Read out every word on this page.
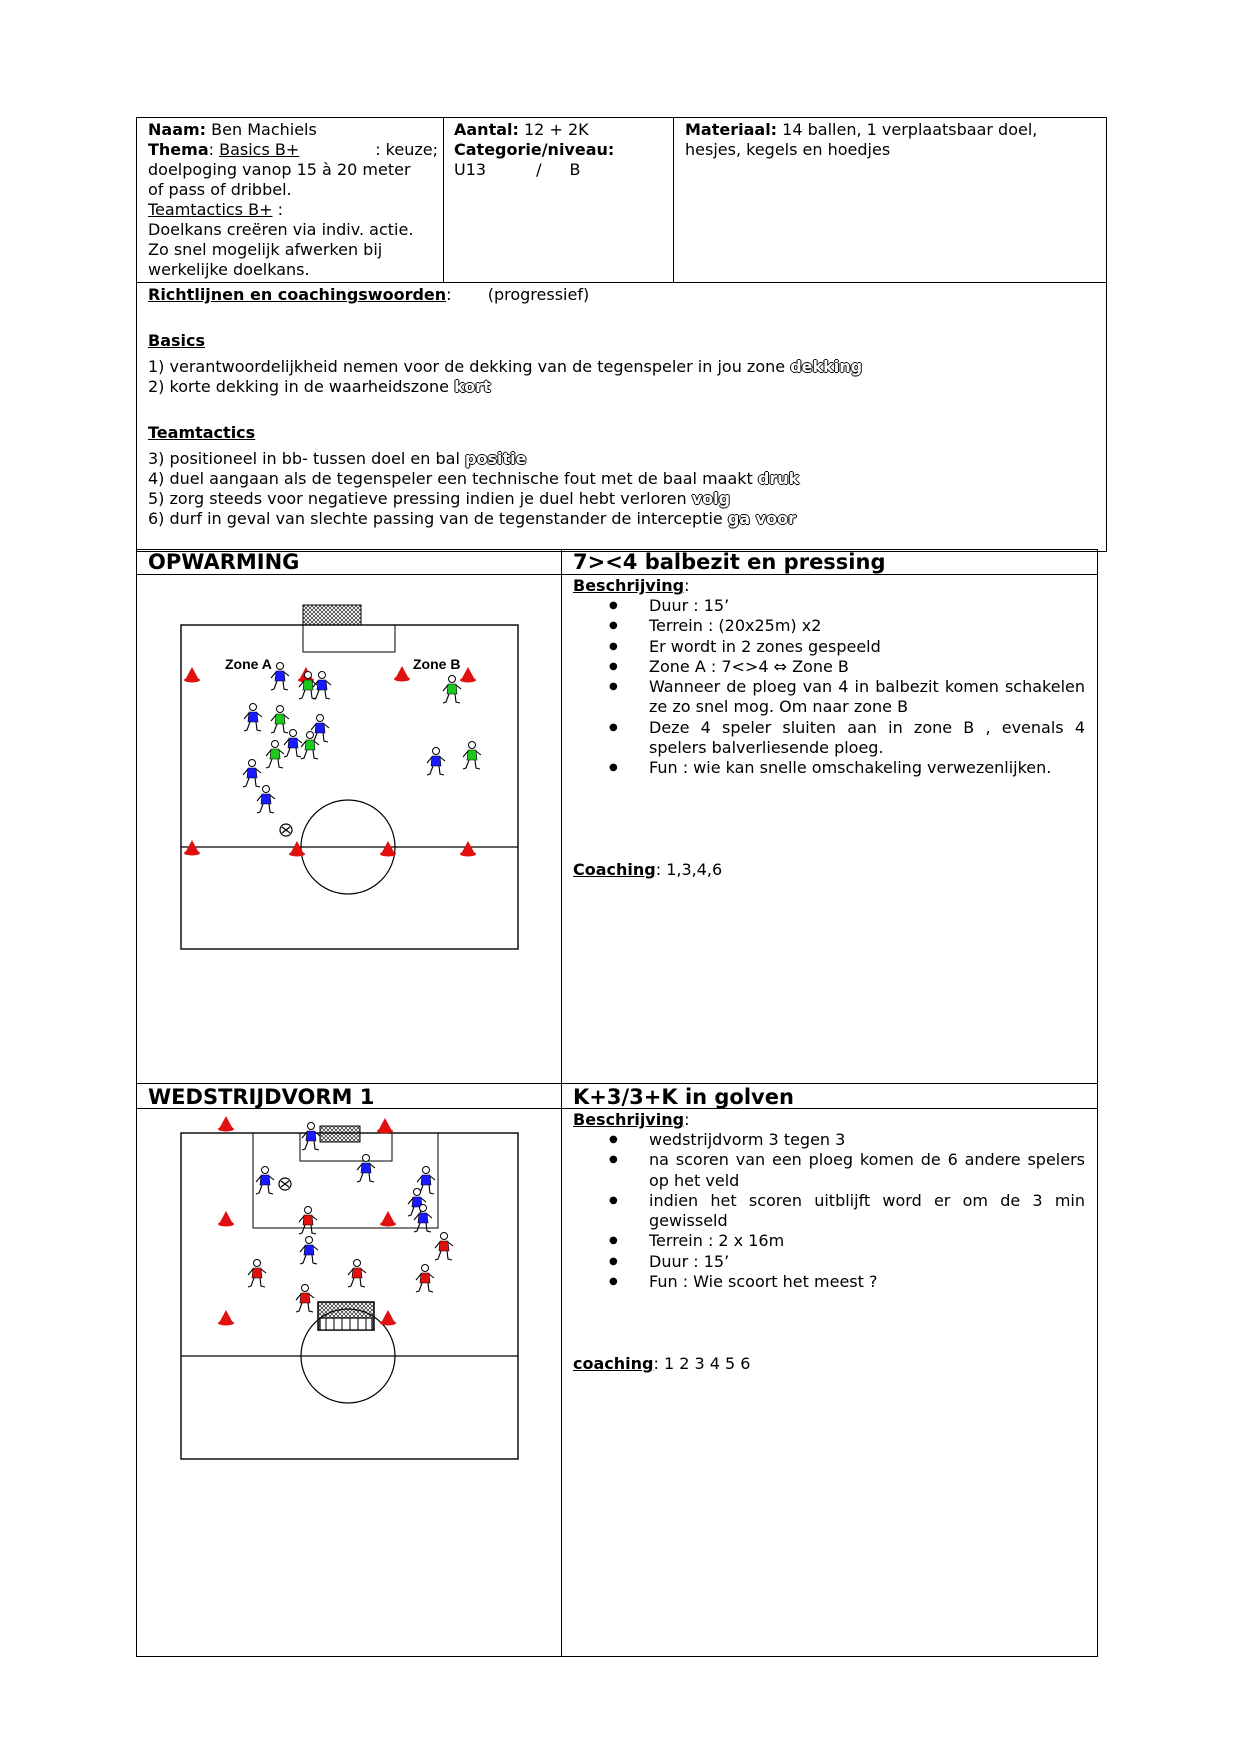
Naam: Ben Machiels
Thema: Basics B+	: keuze;
doelpoging vanop 15 à 20 meter
of pass of dribbel.
Teamtactics B+ :
Doelkans creëren via indiv. actie.
Zo snel mogelijk afwerken bij
werkelijke doelkans.
Aantal: 12 + 2K
Categorie/niveau:
U13	/ B
Materiaal: 14 ballen, 1 verplaatsbaar doel,
hesjes, kegels en hoedjes
Richtlijnen en coachingswoorden: (progressief)
Basics
1) verantwoordelijkheid nemen voor de dekking van de tegenspeler in jou zone dekking
2) korte dekking in de waarheidszone kort
Teamtactics
3) positioneel in bb- tussen doel en bal positie
4) duel aangaan als de tegenspeler een technische fout met de baal maakt druk
5) zorg steeds voor negatieve pressing indien je duel hebt verloren volg
6) durf in geval van slechte passing van de tegenstander de interceptie ga voor
OPWARMING	7><4 balbezit en pressing
Beschrijving:
● Duur : 15’
● Terrein : (20x25m) x2
● Er wordt in 2 zones gespeeld
● Zone A : 7<>4 ⇔ Zone B
● Wanneer de ploeg van 4 in balbezit komen schakelen ze zo snel mog. Om naar zone B
● Deze 4 speler sluiten aan in zone B , evenals 4 spelers balverliesende ploeg.
● Fun : wie kan snelle omschakeling verwezenlijken.
Coaching: 1,3,4,6
Zone A	Zone B
WEDSTRIJDVORM 1	K+3/3+K in golven
Beschrijving:
● wedstrijdvorm 3 tegen 3
● na scoren van een ploeg komen de 6 andere spelers op het veld
● indien het scoren uitblijft word er om de 3 min gewisseld
● Terrein : 2 x 16m
● Duur : 15’
● Fun : Wie scoort het meest ?
coaching: 1 2 3 4 5 6
